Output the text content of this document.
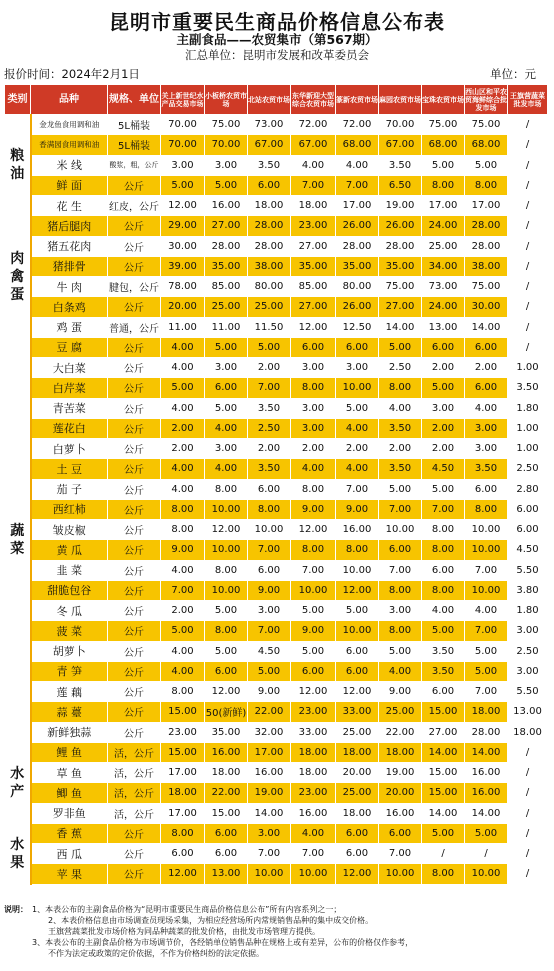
昆明市重要民生商品价格信息公布表
主副食品——农贸集市（第567期）
汇总单位：昆明市发展和改革委员会
报价时间：2024年2月1日	单位：元
类别	品种	规格、单位	关上新世纪水产品交易市场	小板桥农贸市场	北站农贸市场	东华新迎大型综合农贸市场	篆新农贸市场	麻园农贸市场	宝珠农贸市场	西山区和平农贸海鲜综合批发市场	王旗营蔬菜批发市场
粮油	金龙鱼食用调和油	5L桶装	70.00	75.00	73.00	72.00	72.00	70.00	75.00	75.00	/
	香满园食用调和油	5L桶装	70.00	70.00	67.00	67.00	68.00	67.00	68.00	68.00	/
	米 线	酸浆，粗，公斤	3.00	3.00	3.50	4.00	4.00	3.50	5.00	5.00	/
	鲜 面	公斤	5.00	5.00	6.00	7.00	7.00	6.50	8.00	8.00	/
	花 生	红皮，公斤	12.00	16.00	18.00	18.00	17.00	19.00	17.00	17.00	/
肉禽蛋	猪后腿肉	公斤	29.00	27.00	28.00	23.00	26.00	26.00	24.00	28.00	/
	猪五花肉	公斤	30.00	28.00	28.00	27.00	28.00	28.00	25.00	28.00	/
	猪排骨	公斤	39.00	35.00	38.00	35.00	35.00	35.00	34.00	38.00	/
	牛 肉	腱包，公斤	78.00	85.00	80.00	85.00	80.00	75.00	73.00	75.00	/
	白条鸡	公斤	20.00	25.00	25.00	27.00	26.00	27.00	24.00	30.00	/
	鸡 蛋	普通，公斤	11.00	11.00	11.50	12.00	12.50	14.00	13.00	14.00	/
蔬菜	豆 腐	公斤	4.00	5.00	5.00	6.00	6.00	5.00	6.00	6.00	/
	大白菜	公斤	4.00	3.00	2.00	3.00	3.00	2.50	2.00	2.00	1.00
	白芹菜	公斤	5.00	6.00	7.00	8.00	10.00	8.00	5.00	6.00	3.50
	青苦菜	公斤	4.00	5.00	3.50	3.00	5.00	4.00	3.00	4.00	1.80
	莲花白	公斤	2.00	4.00	2.50	3.00	4.00	3.50	2.00	3.00	1.00
	白萝卜	公斤	2.00	3.00	2.00	2.00	2.00	2.00	2.00	3.00	1.00
	土 豆	公斤	4.00	4.00	3.50	4.00	4.00	3.50	4.50	3.50	2.50
	茄 子	公斤	4.00	8.00	6.00	8.00	7.00	5.00	5.00	6.00	2.80
	西红柿	公斤	8.00	10.00	8.00	9.00	9.00	7.00	7.00	8.00	6.00
	皱皮椒	公斤	8.00	12.00	10.00	12.00	16.00	10.00	8.00	10.00	6.00
	黄 瓜	公斤	9.00	10.00	7.00	8.00	8.00	6.00	8.00	10.00	4.50
	韭 菜	公斤	4.00	8.00	6.00	7.00	10.00	7.00	6.00	7.00	5.50
	甜脆包谷	公斤	7.00	10.00	9.00	10.00	12.00	8.00	8.00	10.00	3.80
	冬 瓜	公斤	2.00	5.00	3.00	5.00	5.00	3.00	4.00	4.00	1.80
	菠 菜	公斤	5.00	8.00	7.00	9.00	10.00	8.00	5.00	7.00	3.00
	胡萝卜	公斤	4.00	5.00	4.50	5.00	6.00	5.00	3.50	5.00	2.50
	青 笋	公斤	4.00	6.00	5.00	6.00	6.00	4.00	3.50	5.00	3.00
	莲 藕	公斤	8.00	12.00	9.00	12.00	12.00	9.00	6.00	7.00	5.50
	蒜 薹	公斤	15.00	50(新鲜)	22.00	23.00	33.00	25.00	15.00	18.00	13.00
	新鲜独蒜	公斤	23.00	35.00	32.00	33.00	25.00	22.00	27.00	28.00	18.00
水产	鲤 鱼	活，公斤	15.00	16.00	17.00	18.00	18.00	18.00	14.00	14.00	/
	草 鱼	活，公斤	17.00	18.00	16.00	18.00	20.00	19.00	15.00	16.00	/
	鲫 鱼	活，公斤	18.00	22.00	19.00	23.00	25.00	20.00	15.00	16.00	/
	罗非鱼	活，公斤	17.00	15.00	14.00	16.00	18.00	16.00	14.00	14.00	/
水果	香 蕉	公斤	8.00	6.00	3.00	4.00	6.00	6.00	5.00	5.00	/
	西 瓜	公斤	6.00	6.00	7.00	7.00	6.00	7.00	/	/	/
	苹 果	公斤	12.00	13.00	10.00	10.00	12.00	10.00	8.00	10.00	/
说明： 1、本表公布的主副食品价格为“昆明市重要民生商品价格信息公布”所有内容系列之一；
2、本表价格信息由市场调查员现场采集，为相应经营场所内常规销售品种的集中成交价格。
王旗营蔬菜批发市场价格为同品种蔬菜的批发价格，由批发市场管理方提供。
3、本表公布的主副食品价格为市场调节价，各经销单位销售品种在规格上或有差异，公布的价格仅作参考，
不作为法定或政策的定价依据，不作为价格纠纷的法定依据。
